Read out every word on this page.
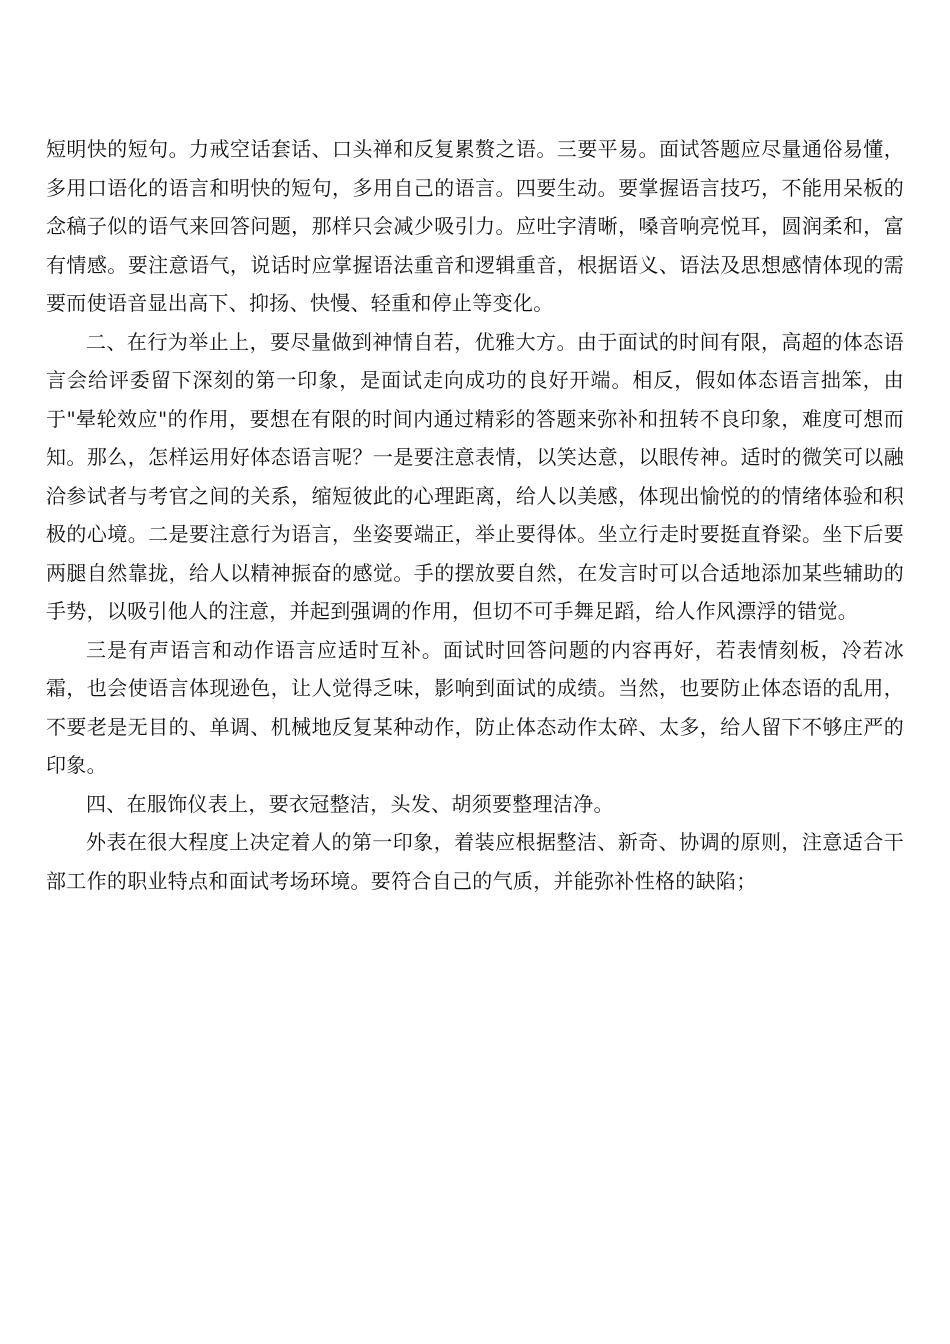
短明快的短句。力戒空话套话、口头禅和反复累赘之语。三要平易。面试答题应尽量通俗易懂，多用口语化的语言和明快的短句，多用自己的语言。四要生动。要掌握语言技巧，不能用呆板的念稿子似的语气来回答问题，那样只会减少吸引力。应吐字清晰，嗓音响亮悦耳，圆润柔和，富有情感。要注意语气，说话时应掌握语法重音和逻辑重音，根据语义、语法及思想感情体现的需要而使语音显出高下、抑扬、快慢、轻重和停止等变化。

二、在行为举止上，要尽量做到神情自若，优雅大方。由于面试的时间有限，高超的体态语言会给评委留下深刻的第一印象，是面试走向成功的良好开端。相反，假如体态语言拙笨，由于"晕轮效应"的作用，要想在有限的时间内通过精彩的答题来弥补和扭转不良印象，难度可想而知。那么，怎样运用好体态语言呢？一是要注意表情，以笑达意，以眼传神。适时的微笑可以融洽参试者与考官之间的关系，缩短彼此的心理距离，给人以美感，体现出愉悦的的情绪体验和积极的心境。二是要注意行为语言，坐姿要端正，举止要得体。坐立行走时要挺直脊梁。坐下后要两腿自然靠拢，给人以精神振奋的感觉。手的摆放要自然，在发言时可以合适地添加某些辅助的手势，以吸引他人的注意，并起到强调的作用，但切不可手舞足蹈，给人作风漂浮的错觉。

三是有声语言和动作语言应适时互补。面试时回答问题的内容再好，若表情刻板，冷若冰霜，也会使语言体现逊色，让人觉得乏味，影响到面试的成绩。当然，也要防止体态语的乱用，不要老是无目的、单调、机械地反复某种动作，防止体态动作太碎、太多，给人留下不够庄严的印象。

四、在服饰仪表上，要衣冠整洁，头发、胡须要整理洁净。

外表在很大程度上决定着人的第一印象，着装应根据整洁、新奇、协调的原则，注意适合干部工作的职业特点和面试考场环境。要符合自己的气质，并能弥补性格的缺陷；
